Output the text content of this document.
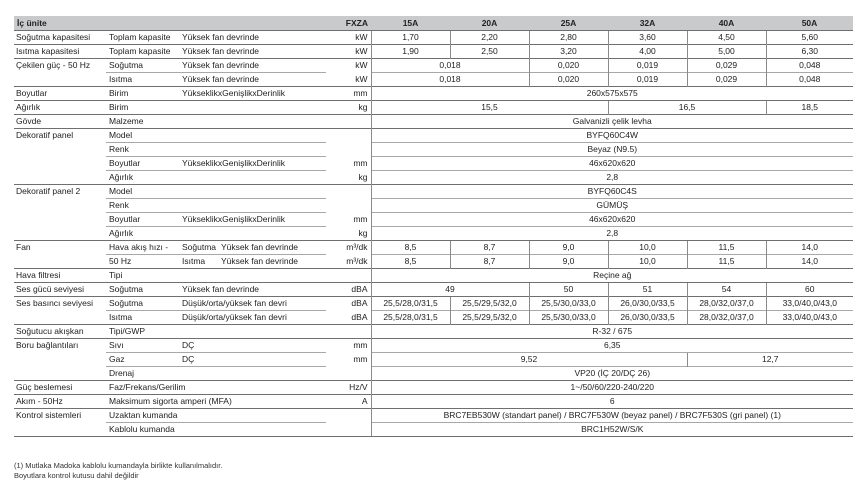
İç ünite				FXZA	15A	20A	25A	32A	40A	50A
Soğutma kapasitesi	Toplam kapasite	Yüksek fan devrinde		kW	1,70	2,20	2,80	3,60	4,50	5,60
Isıtma kapasitesi	Toplam kapasite	Yüksek fan devrinde		kW	1,90	2,50	3,20	4,00	5,00	6,30
Çekilen güç - 50 Hz	Soğutma	Yüksek fan devrinde		kW	0,018		0,020	0,019	0,029	0,048
	Isıtma	Yüksek fan devrinde		kW	0,018		0,020	0,019	0,029	0,048
Boyutlar	Birim	YükseklikxGenişlikxDerinlik		mm	260x575x575					
Ağırlık	Birim			kg	15,5			16,5		18,5
Gövde	Malzeme				Galvanizli çelik levha					
Dekoratif panel	Model				BYFQ60C4W					
	Renk				Beyaz (N9.5)					
	Boyutlar	YükseklikxGenişlikxDerinlik		mm	46x620x620					
	Ağırlık			kg	2,8					
Dekoratif panel 2	Model				BYFQ60C4S					
	Renk				GÜMÜŞ					
	Boyutlar	YükseklikxGenişlikxDerinlik		mm	46x620x620					
	Ağırlık			kg	2,8					
Fan	Hava akış hızı -	Soğutma Yüksek fan devrinde		m³/dk	8,5	8,7	9,0	10,0	11,5	14,0
	50 Hz	Isıtma Yüksek fan devrinde		m³/dk	8,5	8,7	9,0	10,0	11,5	14,0
Hava filtresi	Tipi				Reçine ağ					
Ses gücü seviyesi	Soğutma	Yüksek fan devrinde		dBA	49		50	51	54	60
Ses basıncı seviyesi	Soğutma	Düşük/orta/yüksek fan devri		dBA	25,5/28,0/31,5	25,5/29,5/32,0	25,5/30,0/33,0	26,0/30,0/33,5	28,0/32,0/37,0	33,0/40,0/43,0
	Isıtma	Düşük/orta/yüksek fan devri		dBA	25,5/28,0/31,5	25,5/29,5/32,0	25,5/30,0/33,0	26,0/30,0/33,5	28,0/32,0/37,0	33,0/40,0/43,0
Soğutucu akışkan	Tipi/GWP				R-32 / 675					
Boru bağlantıları	Sıvı	DÇ		mm	6,35					
	Gaz	DÇ		mm	9,52				12,7	
	Drenaj				VP20 (İÇ 20/DÇ 26)					
Güç beslemesi	Faz/Frekans/Gerilim			Hz/V	1~/50/60/220-240/220					
Akım - 50Hz	Maksimum sigorta amperi (MFA)			A	6					
Kontrol sistemleri	Uzaktan kumanda				BRC7EB530W (standart panel) / BRC7F530W (beyaz panel) / BRC7F530S (gri panel) (1)					
	Kablolu kumanda				BRC1H52W/S/K					
(1) Mutlaka Madoka kablolu kumandayla birlikte kullanılmalıdır.
Boyutlara kontrol kutusu dahil değildir
